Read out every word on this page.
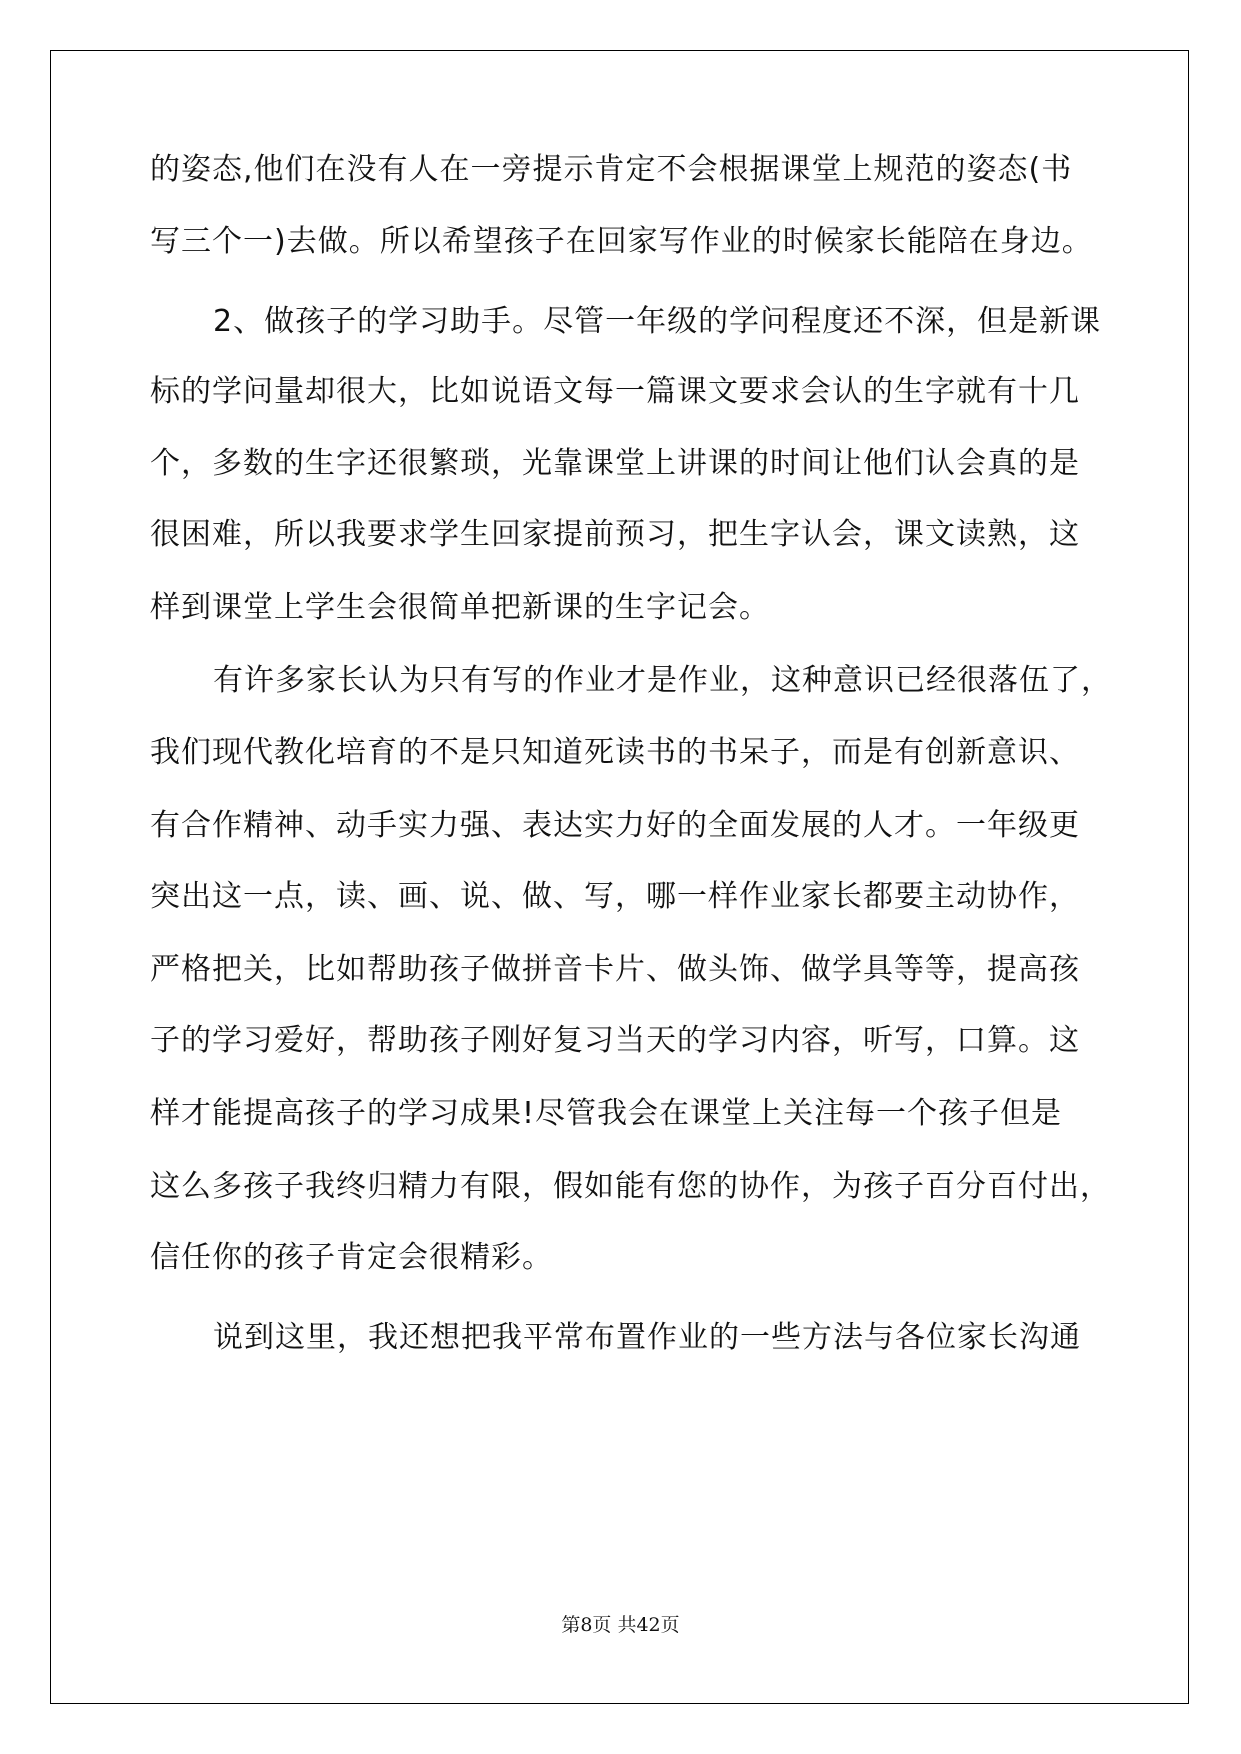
的姿态,他们在没有人在一旁提示肯定不会根据课堂上规范的姿态(书
写三个一)去做。所以希望孩子在回家写作业的时候家长能陪在身边。
2、做孩子的学习助手。尽管一年级的学问程度还不深，但是新课
标的学问量却很大，比如说语文每一篇课文要求会认的生字就有十几
个，多数的生字还很繁琐，光靠课堂上讲课的时间让他们认会真的是
很困难，所以我要求学生回家提前预习，把生字认会，课文读熟，这
样到课堂上学生会很简单把新课的生字记会。
有许多家长认为只有写的作业才是作业，这种意识已经很落伍了，
我们现代教化培育的不是只知道死读书的书呆子，而是有创新意识、
有合作精神、动手实力强、表达实力好的全面发展的人才。一年级更
突出这一点，读、画、说、做、写，哪一样作业家长都要主动协作，
严格把关，比如帮助孩子做拼音卡片、做头饰、做学具等等，提高孩
子的学习爱好，帮助孩子刚好复习当天的学习内容，听写，口算。这
样才能提高孩子的学习成果!尽管我会在课堂上关注每一个孩子但是
这么多孩子我终归精力有限，假如能有您的协作，为孩子百分百付出，
信任你的孩子肯定会很精彩。
说到这里，我还想把我平常布置作业的一些方法与各位家长沟通
第8页 共42页
